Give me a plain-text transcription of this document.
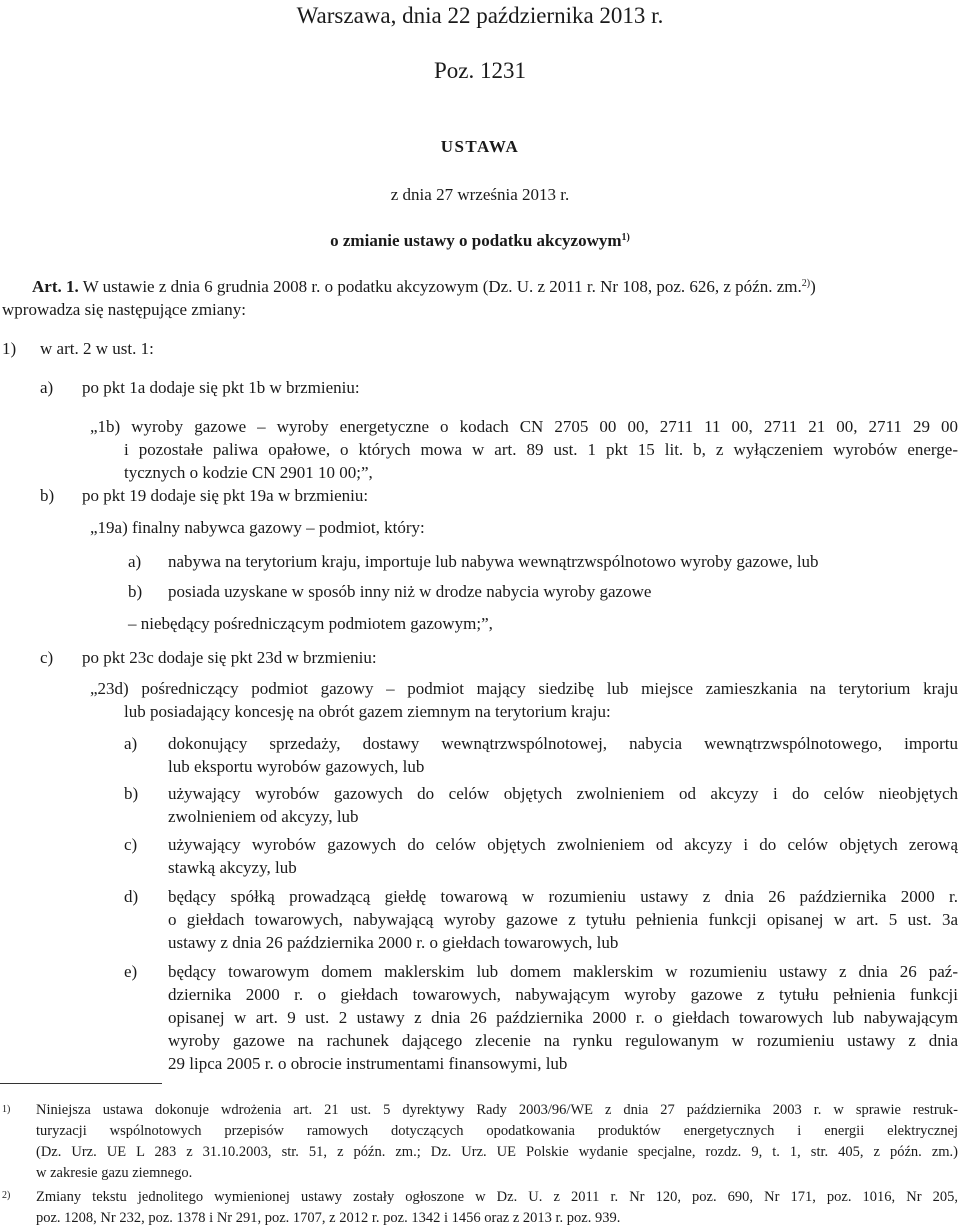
Warszawa, dnia 22 października 2013 r.
Poz. 1231
USTAWA
z dnia 27 września 2013 r.
o zmianie ustawy o podatku akcyzowym$^{1)}$
Art. 1. W ustawie z dnia 6 grudnia 2008 r. o podatku akcyzowym (Dz. U. z 2011 r. Nr 108, poz. 626, z późn. zm.$^{2)}$)
wprowadza się następujące zmiany:
1) w art. 2 w ust. 1:
a) po pkt 1a dodaje się pkt 1b w brzmieniu:
„1b) wyroby gazowe – wyroby energetyczne o kodach CN 2705 00 00, 2711 11 00, 2711 21 00, 2711 29 00
i pozostałe paliwa opałowe, o których mowa w art. 89 ust. 1 pkt 15 lit. b, z wyłączeniem wyrobów energe-
tycznych o kodzie CN 2901 10 00;”,
b) po pkt 19 dodaje się pkt 19a w brzmieniu:
„19a) finalny nabywca gazowy – podmiot, który:
a) nabywa na terytorium kraju, importuje lub nabywa wewnątrzwspólnotowo wyroby gazowe, lub
b) posiada uzyskane w sposób inny niż w drodze nabycia wyroby gazowe
– niebędący pośredniczącym podmiotem gazowym;”,
c) po pkt 23c dodaje się pkt 23d w brzmieniu:
„23d) pośredniczący podmiot gazowy – podmiot mający siedzibę lub miejsce zamieszkania na terytorium kraju
lub posiadający koncesję na obrót gazem ziemnym na terytorium kraju:
a) dokonujący sprzedaży, dostawy wewnątrzwspólnotowej, nabycia wewnątrzwspólnotowego, importu
lub eksportu wyrobów gazowych, lub
b) używający wyrobów gazowych do celów objętych zwolnieniem od akcyzy i do celów nieobjętych
zwolnieniem od akcyzy, lub
c) używający wyrobów gazowych do celów objętych zwolnieniem od akcyzy i do celów objętych zerową
stawką akcyzy, lub
d) będący spółką prowadzącą giełdę towarową w rozumieniu ustawy z dnia 26 października 2000 r.
o giełdach towarowych, nabywającą wyroby gazowe z tytułu pełnienia funkcji opisanej w art. 5 ust. 3a
ustawy z dnia 26 października 2000 r. o giełdach towarowych, lub
e) będący towarowym domem maklerskim lub domem maklerskim w rozumieniu ustawy z dnia 26 paź-
dziernika 2000 r. o giełdach towarowych, nabywającym wyroby gazowe z tytułu pełnienia funkcji
opisanej w art. 9 ust. 2 ustawy z dnia 26 października 2000 r. o giełdach towarowych lub nabywającym
wyroby gazowe na rachunek dającego zlecenie na rynku regulowanym w rozumieniu ustawy z dnia
29 lipca 2005 r. o obrocie instrumentami finansowymi, lub
1) Niniejsza ustawa dokonuje wdrożenia art. 21 ust. 5 dyrektywy Rady 2003/96/WE z dnia 27 października 2003 r. w sprawie restruk-
turyzacji wspólnotowych przepisów ramowych dotyczących opodatkowania produktów energetycznych i energii elektrycznej
(Dz. Urz. UE L 283 z 31.10.2003, str. 51, z późn. zm.; Dz. Urz. UE Polskie wydanie specjalne, rozdz. 9, t. 1, str. 405, z późn. zm.)
w zakresie gazu ziemnego.
2) Zmiany tekstu jednolitego wymienionej ustawy zostały ogłoszone w Dz. U. z 2011 r. Nr 120, poz. 690, Nr 171, poz. 1016, Nr 205,
poz. 1208, Nr 232, poz. 1378 i Nr 291, poz. 1707, z 2012 r. poz. 1342 i 1456 oraz z 2013 r. poz. 939.
